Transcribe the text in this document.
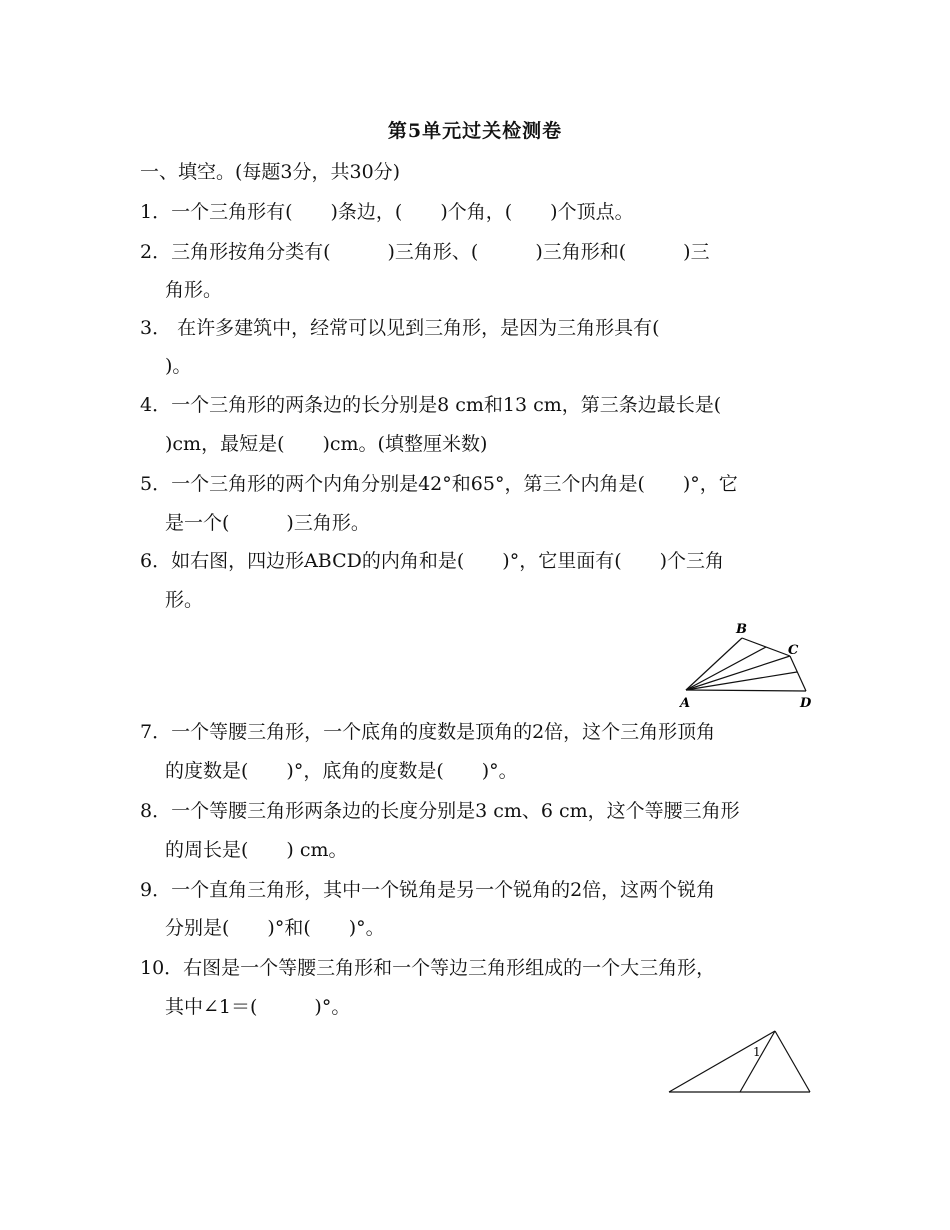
第5单元过关检测卷
一、填空。(每题3分，共30分)
1．一个三角形有(　　)条边，(　　)个角，(　　)个顶点。
2．三角形按角分类有(　　　)三角形、(　　　)三角形和(　　　)三
角形。
3． 在许多建筑中，经常可以见到三角形，是因为三角形具有(
)。
4．一个三角形的两条边的长分别是8 cm和13 cm，第三条边最长是(
)cm，最短是(　　)cm。(填整厘米数)
5．一个三角形的两个内角分别是42°和65°，第三个内角是(　　)°，它
是一个(　　　)三角形。
6．如右图，四边形ABCD的内角和是(　　)°，它里面有(　　)个三角
形。
B
C
A	D
7．一个等腰三角形，一个底角的度数是顶角的2倍，这个三角形顶角
的度数是(　　)°，底角的度数是(　　)°。
8．一个等腰三角形两条边的长度分别是3 cm、6 cm，这个等腰三角形
的周长是(　　) cm。
9．一个直角三角形，其中一个锐角是另一个锐角的2倍，这两个锐角
分别是(　　)°和(　　)°。
10．右图是一个等腰三角形和一个等边三角形组成的一个大三角形，
其中∠1＝(　　　)°。
1
